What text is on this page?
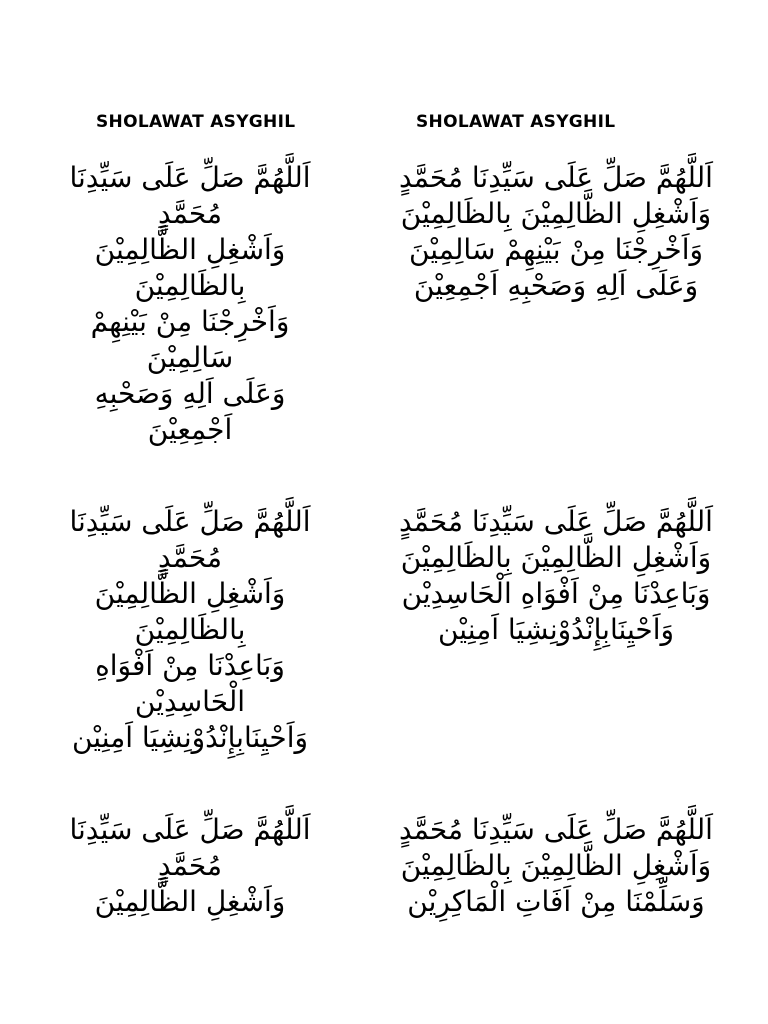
SHOLAWAT ASYGHIL	SHOLAWAT ASYGHIL
اَللَّهُمَّ صَلِّ عَلَى سَيِّدِنَا
مُحَمَّدٍ
وَاَشْغِلِ الظَّالِمِيْنَ
بِالظَالِمِيْنَ
وَاَخْرِجْنَا مِنْ بَيْنِهِمْ
سَالِمِيْنَ
وَعَلَى اَلِهِ وَصَحْبِهِ
اَجْمِعِيْنَ
اَللَّهُمَّ صَلِّ عَلَى سَيِّدِنَا
مُحَمَّدٍ
وَاَشْغِلِ الظَّالِمِيْنَ
بِالظَالِمِيْنَ
وَبَاعِدْنَا مِنْ اَفْوَاهِ
الْحَاسِدِيْن
وَاَحْيِنَابِإِنْدُوْنِشِيَا اَمِنِيْن
اَللَّهُمَّ صَلِّ عَلَى سَيِّدِنَا
مُحَمَّدٍ
وَاَشْغِلِ الظَّالِمِيْنَ
اَللَّهُمَّ صَلِّ عَلَى سَيِّدِنَا مُحَمَّدٍ
وَاَشْغِلِ الظَّالِمِيْنَ بِالظَالِمِيْنَ
وَاَخْرِجْنَا مِنْ بَيْنِهِمْ سَالِمِيْنَ
وَعَلَى اَلِهِ وَصَحْبِهِ اَجْمِعِيْنَ
اَللَّهُمَّ صَلِّ عَلَى سَيِّدِنَا مُحَمَّدٍ
وَاَشْغِلِ الظَّالِمِيْنَ بِالظَالِمِيْنَ
وَبَاعِدْنَا مِنْ اَفْوَاهِ الْحَاسِدِيْن
وَاَحْيِنَابِإِنْدُوْنِشِيَا اَمِنِيْن
اَللَّهُمَّ صَلِّ عَلَى سَيِّدِنَا مُحَمَّدٍ
وَاَشْغِلِ الظَّالِمِيْنَ بِالظَالِمِيْنَ
وَسَلِّمْنَا مِنْ اَفَاتِ الْمَاكِرِيْن
